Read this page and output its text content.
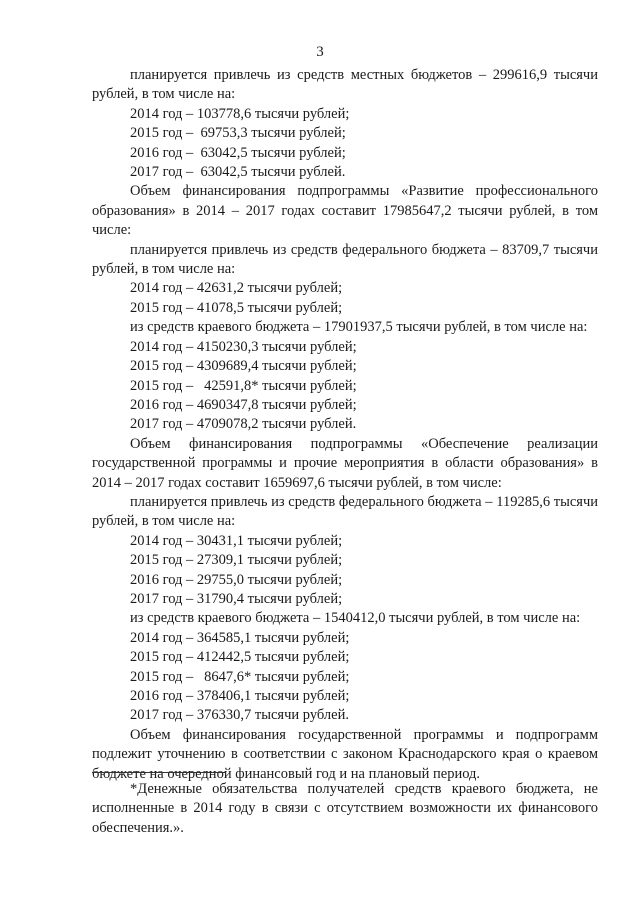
3
планируется привлечь из средств местных бюджетов – 299616,9 тысячи рублей, в том числе на:
2014 год – 103778,6 тысячи рублей;
2015 год –  69753,3 тысячи рублей;
2016 год –  63042,5 тысячи рублей;
2017 год –  63042,5 тысячи рублей.
Объем финансирования подпрограммы «Развитие профессионального образования» в 2014 – 2017 годах составит 17985647,2 тысячи рублей, в том числе:
планируется привлечь из средств федерального бюджета – 83709,7 тысячи рублей, в том числе на:
2014 год – 42631,2 тысячи рублей;
2015 год – 41078,5 тысячи рублей;
из средств краевого бюджета – 17901937,5 тысячи рублей, в том числе на:
2014 год – 4150230,3 тысячи рублей;
2015 год – 4309689,4 тысячи рублей;
2015 год –   42591,8* тысячи рублей;
2016 год – 4690347,8 тысячи рублей;
2017 год – 4709078,2 тысячи рублей.
Объем финансирования подпрограммы «Обеспечение реализации государственной программы и прочие мероприятия в области образования» в 2014 – 2017 годах составит 1659697,6 тысячи рублей, в том числе:
планируется привлечь из средств федерального бюджета – 119285,6 тысячи рублей, в том числе на:
2014 год – 30431,1 тысячи рублей;
2015 год – 27309,1 тысячи рублей;
2016 год – 29755,0 тысячи рублей;
2017 год – 31790,4 тысячи рублей;
из средств краевого бюджета – 1540412,0 тысячи рублей, в том числе на:
2014 год – 364585,1 тысячи рублей;
2015 год – 412442,5 тысячи рублей;
2015 год –   8647,6* тысячи рублей;
2016 год – 378406,1 тысячи рублей;
2017 год – 376330,7 тысячи рублей.
Объем финансирования государственной программы и подпрограмм подлежит уточнению в соответствии с законом Краснодарского края о краевом бюджете на очередной финансовый год и на плановый период.
*Денежные обязательства получателей средств краевого бюджета, не исполненные в 2014 году в связи с отсутствием возможности их финансового обеспечения.».
